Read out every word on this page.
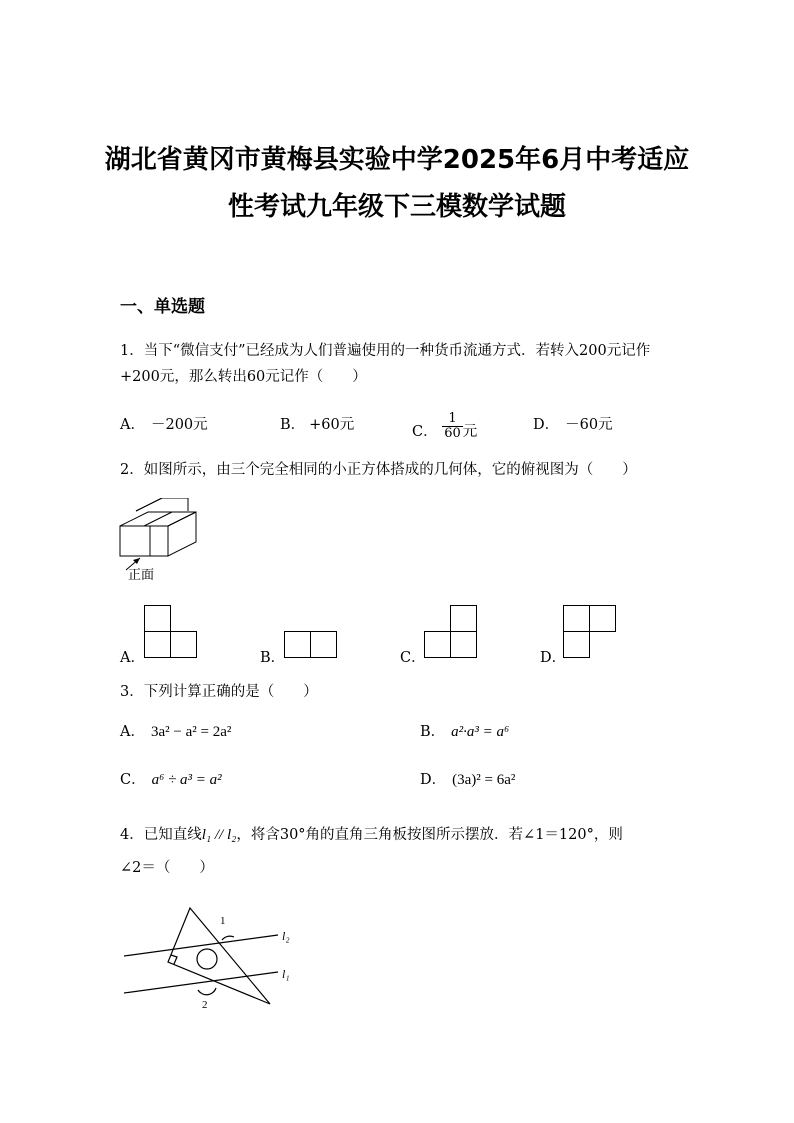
湖北省黄冈市黄梅县实验中学2025年6月中考适应
性考试九年级下三模数学试题
一、单选题
1．当下“微信支付”已经成为人们普遍使用的一种货币流通方式．若转入200元记作+200元，那么转出60元记作（　　）
A． －200元	B． +60元	C． $\frac{1}{60}$ 元	D． －60元
2．如图所示，由三个完全相同的小正方体搭成的几何体，它的俯视图为（　　）
正面
A．	B．	C．	D．
3．下列计算正确的是（　　）
A． 3a² − a² = 2a²	B． a²·a³ = a⁶
C． a⁶ ÷ a³ = a²	D． (3a)² = 6a²
4．已知直线l₁ // l₂，将含30°角的直角三角板按图所示摆放．若∠1＝120°，则
∠2＝（　　）
1
2
l₂
l₁
